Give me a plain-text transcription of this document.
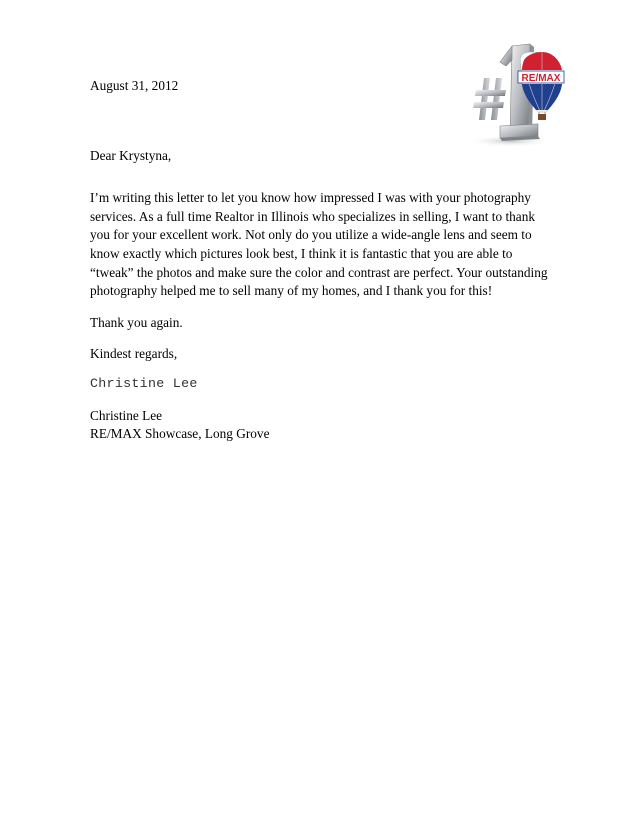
August 31, 2012

Dear Krystyna,

I’m writing this letter to let you know how impressed I was with your photography services. As a full time Realtor in Illinois who specializes in selling, I want to thank you for your excellent work. Not only do you utilize a wide-angle lens and seem to know exactly which pictures look best, I think it is fantastic that you are able to “tweak” the photos and make sure the color and contrast are perfect. Your outstanding photography helped me to sell many of my homes, and I thank you for this!

Thank you again.

Kindest regards,

Christine Lee

Christine Lee
RE/MAX Showcase, Long Grove
RE/MAX
